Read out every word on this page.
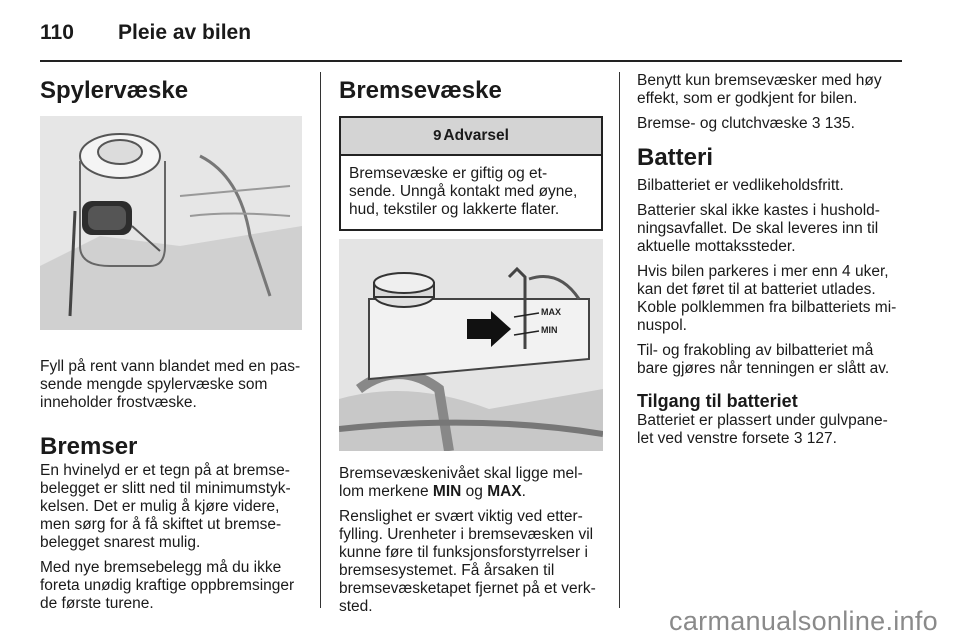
110	Pleie av bilen
Spylervæske

Fyll på rent vann blandet med en pas-sende mengde spylervæske som inneholder frostvæske.

Bremser

En hvinelyd er et tegn på at bremse-belegget er slitt ned til minimumstyk-kelsen. Det er mulig å kjøre videre, men sørg for å få skiftet ut bremse-belegget snarest mulig.

Med nye bremsebelegg må du ikke foreta unødig kraftige oppbremsinger de første turene.

Bremsevæske
9 Advarsel
Bremsevæske er giftig og et-sende. Unngå kontakt med øyne, hud, tekstiler og lakkerte flater.
MAX
MIN

Bremsevæskenivået skal ligge mel-lom merkene MIN og MAX.

Renslighet er svært viktig ved etter-fylling. Urenheter i bremsevæsken vil kunne føre til funksjonsforstyrrelser i bremsesystemet. Få årsaken til bremsevæsketapet fjernet på et verk-sted.

Benytt kun bremsevæsker med høy effekt, som er godkjent for bilen.

Bremse- og clutchvæske 3 135.

Batteri

Bilbatteriet er vedlikeholdsfritt.

Batterier skal ikke kastes i hushold-ningsavfallet. De skal leveres inn til aktuelle mottakssteder.

Hvis bilen parkeres i mer enn 4 uker, kan det føret til at batteriet utlades. Koble polklemmen fra bilbatteriets mi-nuspol.

Til- og frakobling av bilbatteriet må bare gjøres når tenningen er slått av.

Tilgang til batteriet

Batteriet er plassert under gulvpane-let ved venstre forsete 3 127.

carmanualsonline.info
